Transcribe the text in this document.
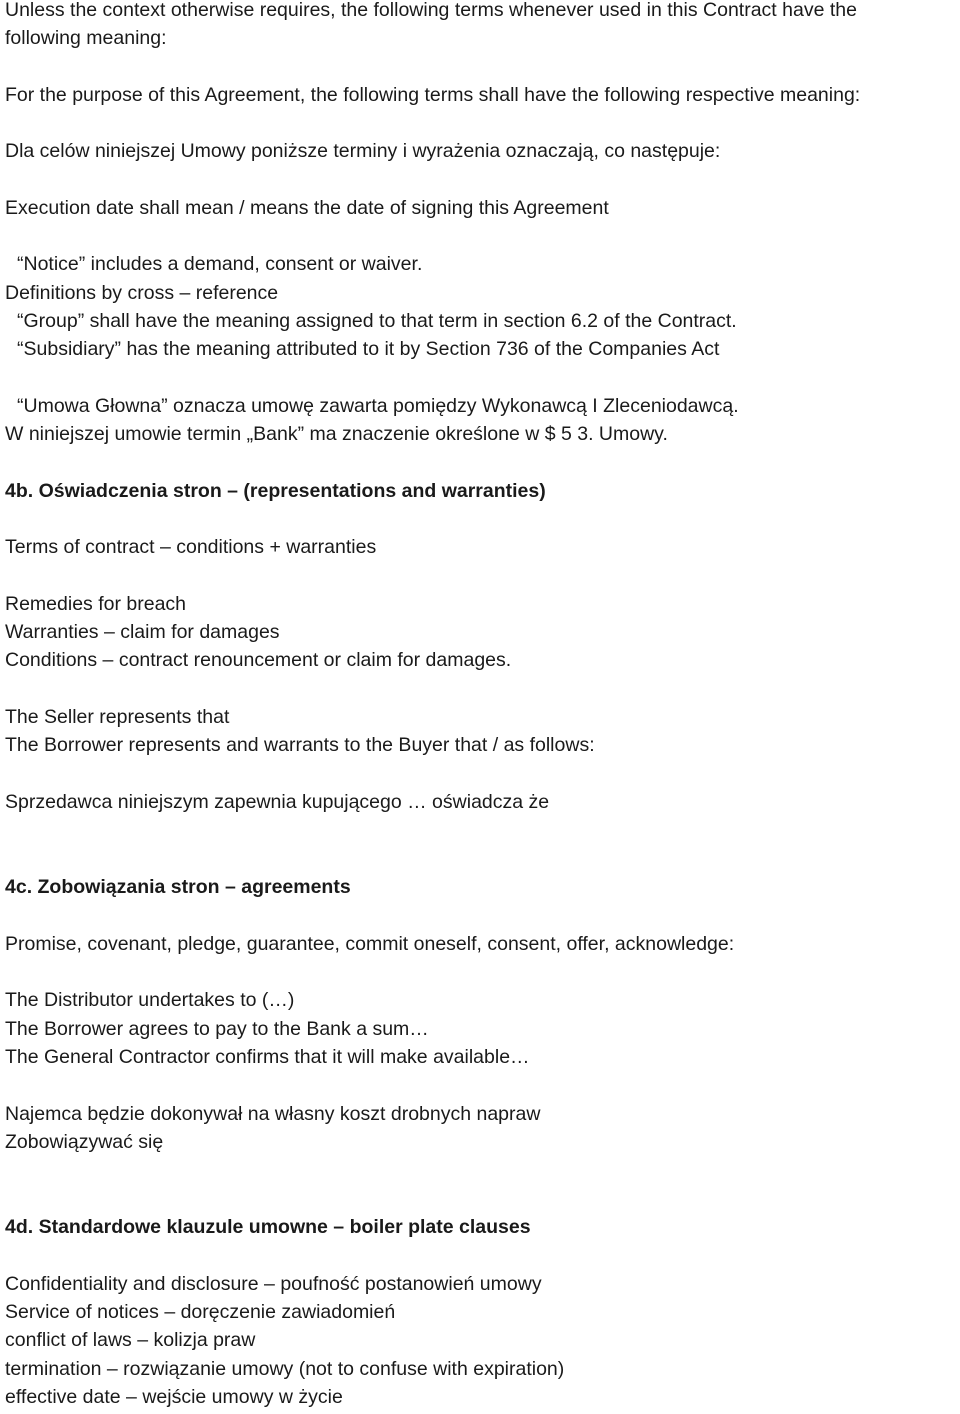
Unless the context otherwise requires, the following terms whenever used in this Contract have the

following meaning:

For the purpose of this Agreement, the following terms shall have the following respective meaning:

Dla celów niniejszej Umowy poniższe terminy i wyrażenia oznaczają, co następuje:

Execution date shall mean / means the date of signing this Agreement

“Notice” includes a demand, consent or waiver.

Definitions by cross – reference

“Group” shall have the meaning assigned to that term in section 6.2 of the Contract.

“Subsidiary” has the meaning attributed to it by Section 736 of the Companies Act

“Umowa Głowna” oznacza umowę zawarta pomiędzy Wykonawcą I Zleceniodawcą.

W niniejszej umowie termin „Bank” ma znaczenie określone w $ 5 3. Umowy.

4b. Oświadczenia stron – (representations and warranties)

Terms of contract – conditions + warranties

Remedies for breach

Warranties – claim for damages

Conditions – contract renouncement or claim for damages.

The Seller represents that

The Borrower represents and warrants to the Buyer that / as follows:

Sprzedawca niniejszym zapewnia kupującego … oświadcza że

4c. Zobowiązania stron – agreements

Promise, covenant, pledge, guarantee, commit oneself, consent, offer, acknowledge:

The Distributor undertakes to (…)

The Borrower agrees to pay to the Bank a sum…

The General Contractor confirms that it will make available…

Najemca będzie dokonywał na własny koszt drobnych napraw

Zobowiązywać się

4d. Standardowe klauzule umowne – boiler plate clauses

Confidentiality and disclosure – poufność postanowień umowy

Service of notices – doręczenie zawiadomień

conflict of laws – kolizja praw

termination – rozwiązanie umowy (not to confuse with expiration)

effective date – wejście umowy w życie
